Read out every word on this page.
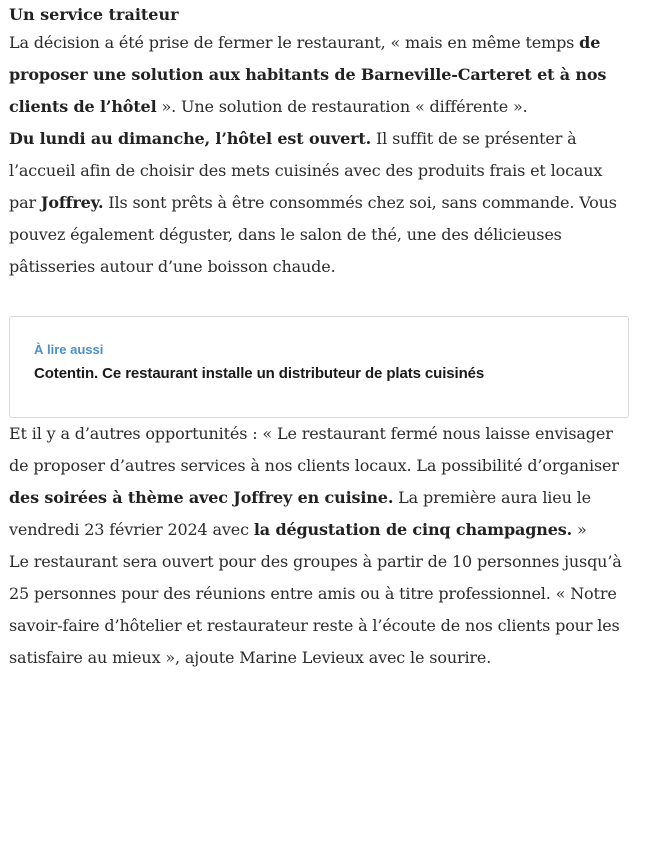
Un service traiteur

La décision a été prise de fermer le restaurant, « mais en même temps de proposer une solution aux habitants de Barneville-Carteret et à nos clients de l’hôtel ». Une solution de restauration « différente ».

Du lundi au dimanche, l’hôtel est ouvert. Il suffit de se présenter à l’accueil afin de choisir des mets cuisinés avec des produits frais et locaux par Joffrey. Ils sont prêts à être consommés chez soi, sans commande. Vous pouvez également déguster, dans le salon de thé, une des délicieuses pâtisseries autour d’une boisson chaude.

À lire aussi
Cotentin. Ce restaurant installe un distributeur de plats cuisinés

Et il y a d’autres opportunités : « Le restaurant fermé nous laisse envisager de proposer d’autres services à nos clients locaux. La possibilité d’organiser des soirées à thème avec Joffrey en cuisine. La première aura lieu le vendredi 23 février 2024 avec la dégustation de cinq champagnes. »

Le restaurant sera ouvert pour des groupes à partir de 10 personnes jusqu’à 25 personnes pour des réunions entre amis ou à titre professionnel. « Notre savoir-faire d’hôtelier et restaurateur reste à l’écoute de nos clients pour les satisfaire au mieux », ajoute Marine Levieux avec le sourire.
